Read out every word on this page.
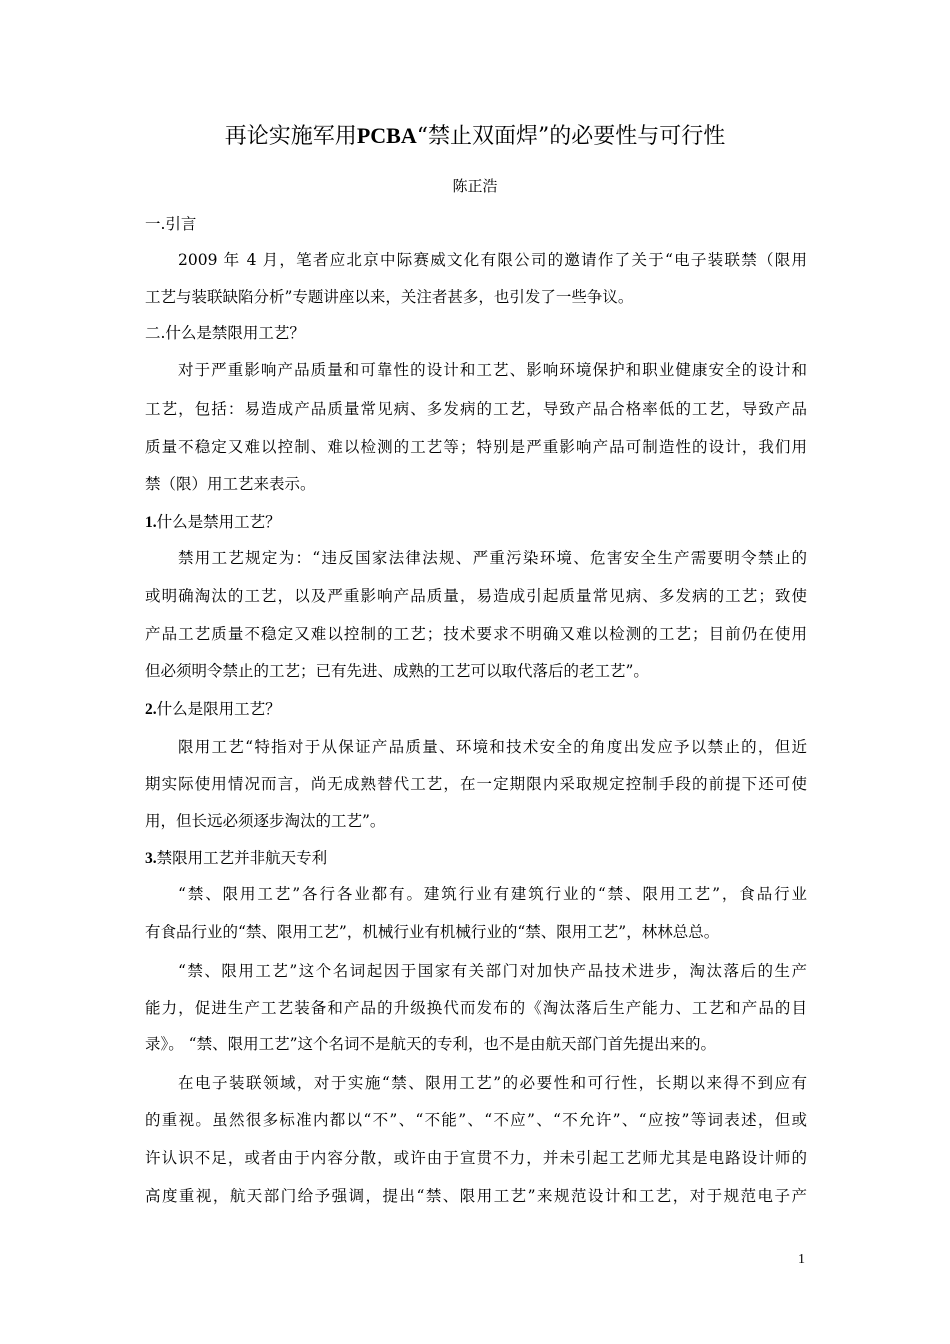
再论实施军用PCBA“禁止双面焊”的必要性与可行性
陈正浩
一.引言
2009 年 4 月，笔者应北京中际赛威文化有限公司的邀请作了关于“电子装联禁（限用
工艺与装联缺陷分析”专题讲座以来，关注者甚多，也引发了一些争议。
二.什么是禁限用工艺？
对于严重影响产品质量和可靠性的设计和工艺、影响环境保护和职业健康安全的设计和
工艺，包括：易造成产品质量常见病、多发病的工艺，导致产品合格率低的工艺，导致产品
质量不稳定又难以控制、难以检测的工艺等；特别是严重影响产品可制造性的设计，我们用
禁（限）用工艺来表示。
1.什么是禁用工艺？
禁用工艺规定为：“违反国家法律法规、严重污染环境、危害安全生产需要明令禁止的
或明确淘汰的工艺，以及严重影响产品质量，易造成引起质量常见病、多发病的工艺；致使
产品工艺质量不稳定又难以控制的工艺；技术要求不明确又难以检测的工艺；目前仍在使用
但必须明令禁止的工艺；已有先进、成熟的工艺可以取代落后的老工艺”。
2.什么是限用工艺？
限用工艺“特指对于从保证产品质量、环境和技术安全的角度出发应予以禁止的，但近
期实际使用情况而言，尚无成熟替代工艺，在一定期限内采取规定控制手段的前提下还可使
用，但长远必须逐步淘汰的工艺”。
3.禁限用工艺并非航天专利
“禁、限用工艺”各行各业都有。建筑行业有建筑行业的“禁、限用工艺”，食品行业
有食品行业的“禁、限用工艺”，机械行业有机械行业的“禁、限用工艺”，林林总总。
“禁、限用工艺”这个名词起因于国家有关部门对加快产品技术进步，淘汰落后的生产
能力，促进生产工艺装备和产品的升级换代而发布的《淘汰落后生产能力、工艺和产品的目
录》。 “禁、限用工艺”这个名词不是航天的专利，也不是由航天部门首先提出来的。
在电子装联领域，对于实施“禁、限用工艺”的必要性和可行性，长期以来得不到应有
的重视。虽然很多标准内都以“不”、“不能”、“不应”、“不允许”、“应按”等词表述，但或
许认识不足，或者由于内容分散，或许由于宣贯不力，并未引起工艺师尤其是电路设计师的
高度重视，航天部门给予强调，提出“禁、限用工艺”来规范设计和工艺，对于规范电子产
1
